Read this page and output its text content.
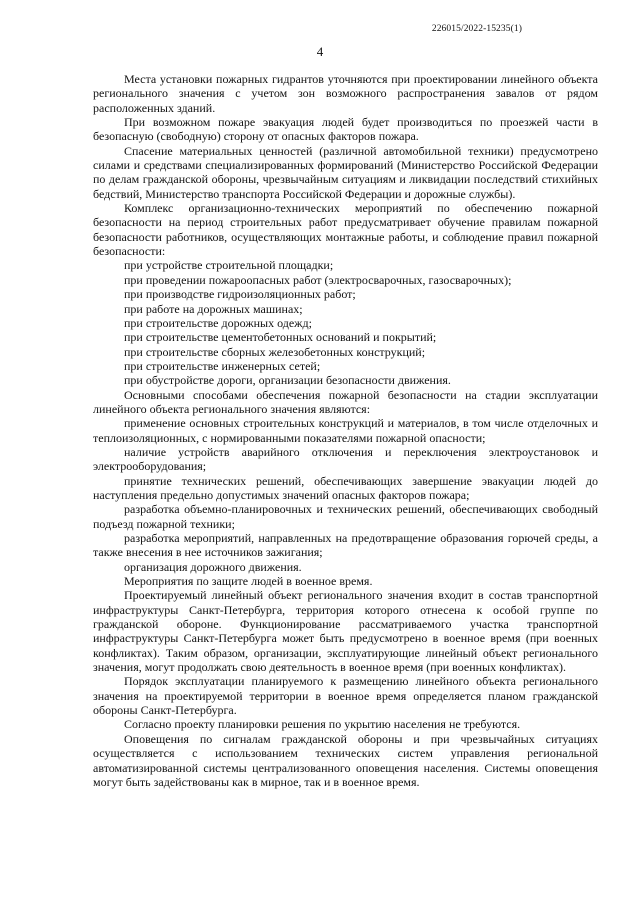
226015/2022-15235(1)
4

Места установки пожарных гидрантов уточняются при проектировании линейного объекта регионального значения с учетом зон возможного распространения завалов от рядом расположенных зданий.

При возможном пожаре эвакуация людей будет производиться по проезжей части в безопасную (свободную) сторону от опасных факторов пожара.

Спасение материальных ценностей (различной автомобильной техники) предусмотрено силами и средствами специализированных формирований (Министерство Российской Федерации по делам гражданской обороны, чрезвычайным ситуациям и ликвидации последствий стихийных бедствий, Министерство транспорта Российской Федерации и дорожные службы).

Комплекс организационно-технических мероприятий по обеспечению пожарной безопасности на период строительных работ предусматривает обучение правилам пожарной безопасности работников, осуществляющих монтажные работы, и соблюдение правил пожарной безопасности:

при устройстве строительной площадки;

при проведении пожароопасных работ (электросварочных, газосварочных);

при производстве гидроизоляционных работ;

при работе на дорожных машинах;

при строительстве дорожных одежд;

при строительстве цементобетонных оснований и покрытий;

при строительстве сборных железобетонных конструкций;

при строительстве инженерных сетей;

при обустройстве дороги, организации безопасности движения.

Основными способами обеспечения пожарной безопасности на стадии эксплуатации линейного объекта регионального значения являются:

применение основных строительных конструкций и материалов, в том числе отделочных и теплоизоляционных, с нормированными показателями пожарной опасности;

наличие устройств аварийного отключения и переключения электроустановок и электрооборудования;

принятие технических решений, обеспечивающих завершение эвакуации людей до наступления предельно допустимых значений опасных факторов пожара;

разработка объемно-планировочных и технических решений, обеспечивающих свободный подъезд пожарной техники;

разработка мероприятий, направленных на предотвращение образования горючей среды, а также внесения в нее источников зажигания;

организация дорожного движения.

Мероприятия по защите людей в военное время.

Проектируемый линейный объект регионального значения входит в состав транспортной инфраструктуры Санкт-Петербурга, территория которого отнесена к особой группе по гражданской обороне. Функционирование рассматриваемого участка транспортной инфраструктуры Санкт-Петербурга может быть предусмотрено в военное время (при военных конфликтах). Таким образом, организации, эксплуатирующие линейный объект регионального значения, могут продолжать свою деятельность в военное время (при военных конфликтах).

Порядок эксплуатации планируемого к размещению линейного объекта регионального значения на проектируемой территории в военное время определяется планом гражданской обороны Санкт-Петербурга.

Согласно проекту планировки решения по укрытию населения не требуются.

Оповещения по сигналам гражданской обороны и при чрезвычайных ситуациях осуществляется с использованием технических систем управления региональной автоматизированной системы централизованного оповещения населения. Системы оповещения могут быть задействованы как в мирное, так и в военное время.
